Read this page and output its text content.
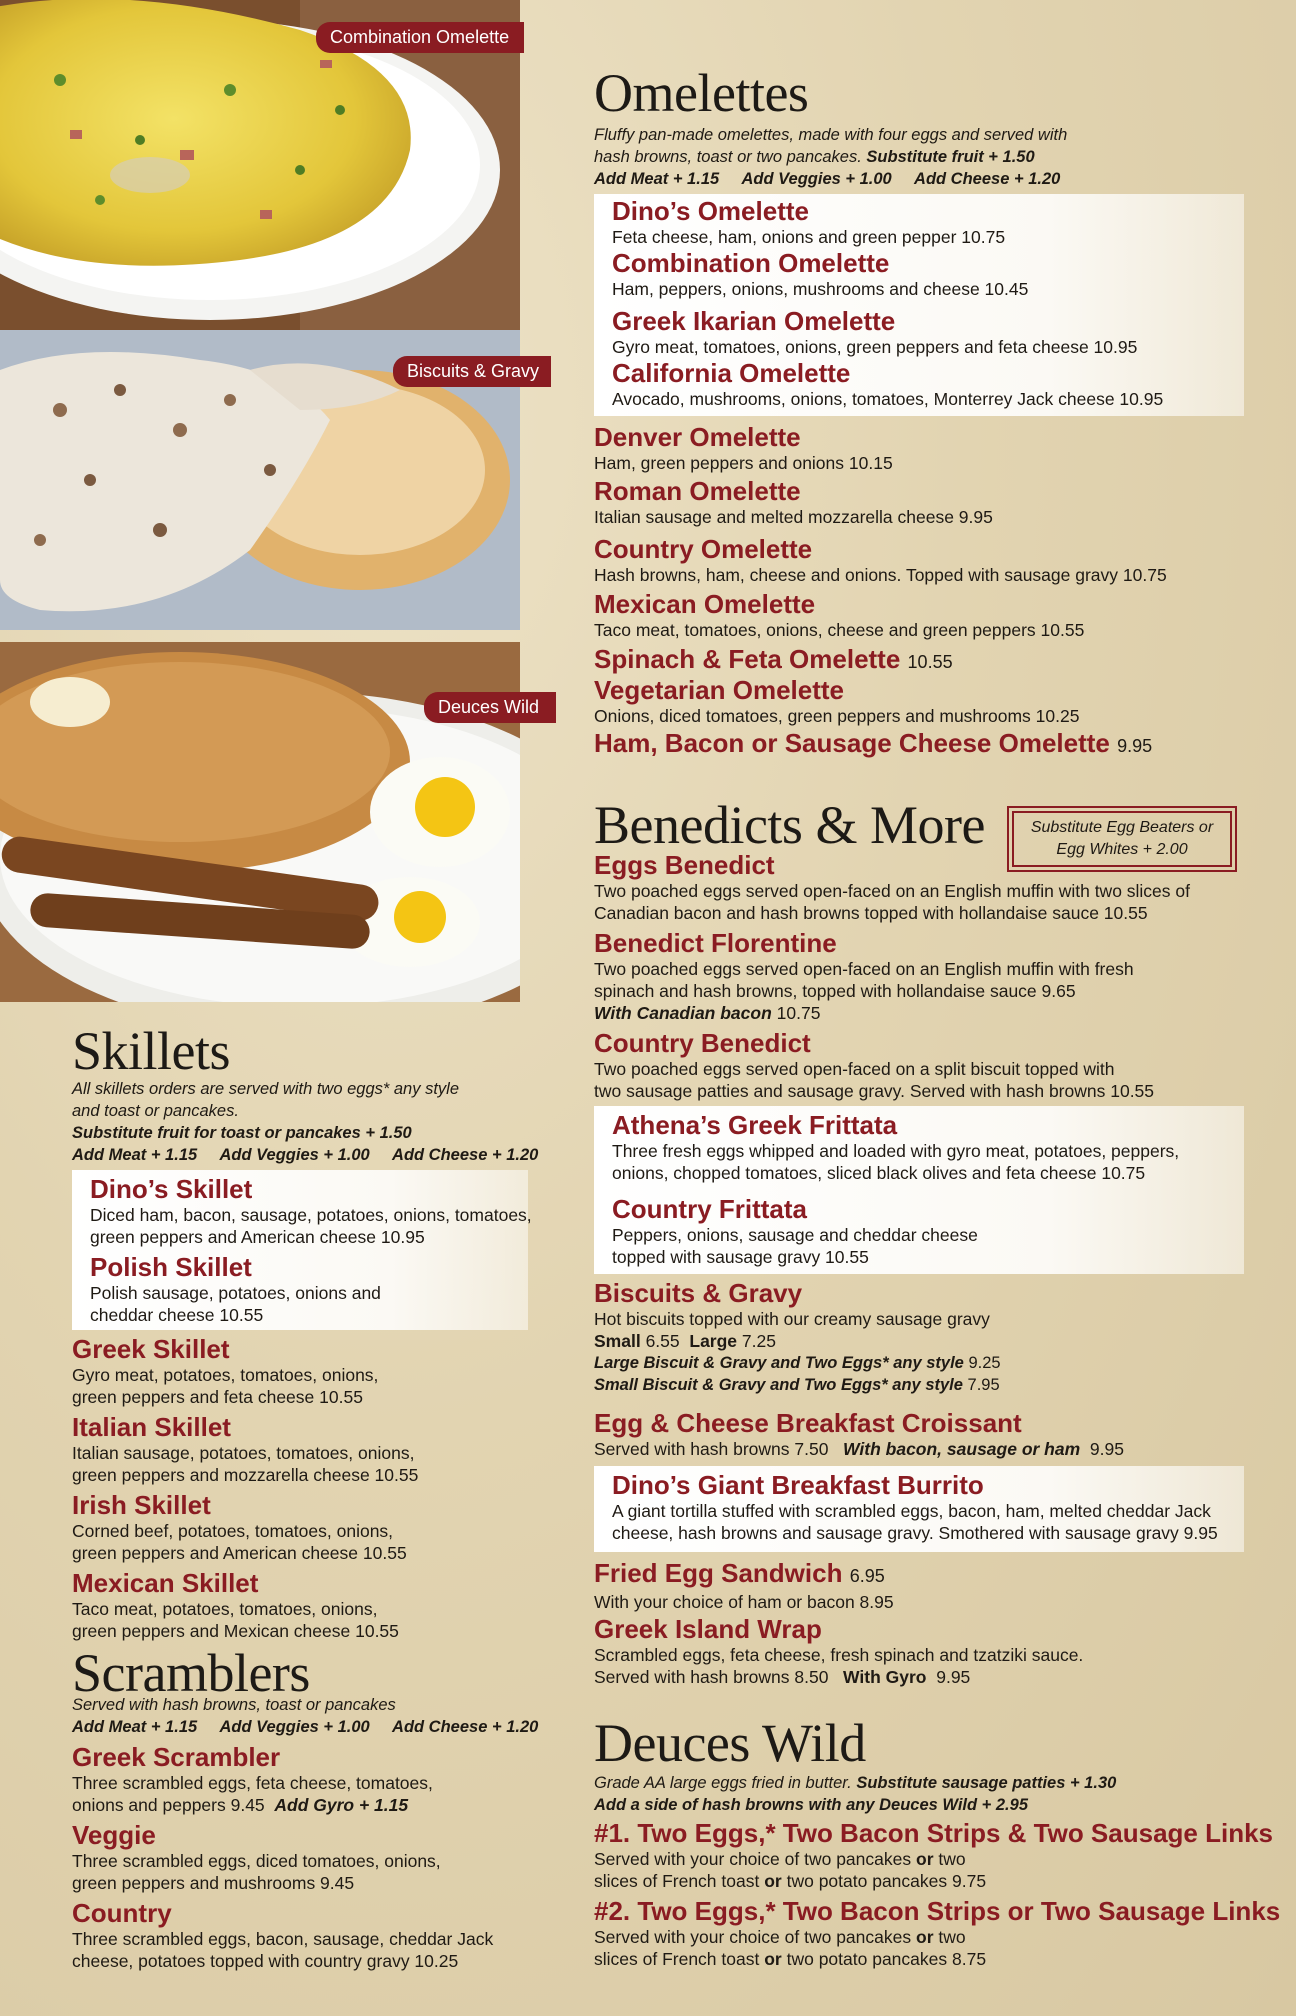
Combination Omelette
Biscuits & Gravy
Deuces Wild
Omelettes
Fluffy pan-made omelettes, made with four eggs and served with
hash browns, toast or two pancakes. Substitute fruit + 1.50
Add Meat + 1.15     Add Veggies + 1.00     Add Cheese + 1.20
Dino’s Omelette
Feta cheese, ham, onions and green pepper 10.75
Combination Omelette
Ham, peppers, onions, mushrooms and cheese 10.45
Greek Ikarian Omelette
Gyro meat, tomatoes, onions, green peppers and feta cheese 10.95
California Omelette
Avocado, mushrooms, onions, tomatoes, Monterrey Jack cheese 10.95
Denver Omelette
Ham, green peppers and onions 10.15
Roman Omelette
Italian sausage and melted mozzarella cheese 9.95
Country Omelette
Hash browns, ham, cheese and onions. Topped with sausage gravy 10.75
Mexican Omelette
Taco meat, tomatoes, onions, cheese and green peppers 10.55
Spinach & Feta Omelette 10.55
Vegetarian Omelette
Onions, diced tomatoes, green peppers and mushrooms 10.25
Ham, Bacon or Sausage Cheese Omelette 9.95
Benedicts & More	Substitute Egg Beaters or Egg Whites + 2.00
Eggs Benedict
Two poached eggs served open-faced on an English muffin with two slices of
Canadian bacon and hash browns topped with hollandaise sauce 10.55
Benedict Florentine
Two poached eggs served open-faced on an English muffin with fresh
spinach and hash browns, topped with hollandaise sauce 9.65
With Canadian bacon 10.75
Country Benedict
Two poached eggs served open-faced on a split biscuit topped with
two sausage patties and sausage gravy. Served with hash browns 10.55
Athena’s Greek Frittata
Three fresh eggs whipped and loaded with gyro meat, potatoes, peppers,
onions, chopped tomatoes, sliced black olives and feta cheese 10.75
Country Frittata
Peppers, onions, sausage and cheddar cheese
topped with sausage gravy 10.55
Biscuits & Gravy
Hot biscuits topped with our creamy sausage gravy
Small 6.55 Large 7.25
Large Biscuit & Gravy and Two Eggs* any style 9.25
Small Biscuit & Gravy and Two Eggs* any style 7.95
Egg & Cheese Breakfast Croissant
Served with hash browns 7.50 With bacon, sausage or ham 9.95
Dino’s Giant Breakfast Burrito
A giant tortilla stuffed with scrambled eggs, bacon, ham, melted cheddar Jack
cheese, hash browns and sausage gravy. Smothered with sausage gravy 9.95
Fried Egg Sandwich 6.95
With your choice of ham or bacon 8.95
Greek Island Wrap
Scrambled eggs, feta cheese, fresh spinach and tzatziki sauce.
Served with hash browns 8.50 With Gyro 9.95
Deuces Wild
Grade AA large eggs fried in butter. Substitute sausage patties + 1.30
Add a side of hash browns with any Deuces Wild + 2.95
#1. Two Eggs,* Two Bacon Strips & Two Sausage Links
Served with your choice of two pancakes or two
slices of French toast or two potato pancakes 9.75
#2. Two Eggs,* Two Bacon Strips or Two Sausage Links
Served with your choice of two pancakes or two
slices of French toast or two potato pancakes 8.75
Skillets
All skillets orders are served with two eggs* any style
and toast or pancakes.
Substitute fruit for toast or pancakes + 1.50
Add Meat + 1.15     Add Veggies + 1.00     Add Cheese + 1.20
Dino’s Skillet
Diced ham, bacon, sausage, potatoes, onions, tomatoes,
green peppers and American cheese 10.95
Polish Skillet
Polish sausage, potatoes, onions and
cheddar cheese 10.55
Greek Skillet
Gyro meat, potatoes, tomatoes, onions,
green peppers and feta cheese 10.55
Italian Skillet
Italian sausage, potatoes, tomatoes, onions,
green peppers and mozzarella cheese 10.55
Irish Skillet
Corned beef, potatoes, tomatoes, onions,
green peppers and American cheese 10.55
Mexican Skillet
Taco meat, potatoes, tomatoes, onions,
green peppers and Mexican cheese 10.55
Scramblers
Served with hash browns, toast or pancakes
Add Meat + 1.15     Add Veggies + 1.00     Add Cheese + 1.20
Greek Scrambler
Three scrambled eggs, feta cheese, tomatoes,
onions and peppers 9.45 Add Gyro + 1.15
Veggie
Three scrambled eggs, diced tomatoes, onions,
green peppers and mushrooms 9.45
Country
Three scrambled eggs, bacon, sausage, cheddar Jack
cheese, potatoes topped with country gravy 10.25
